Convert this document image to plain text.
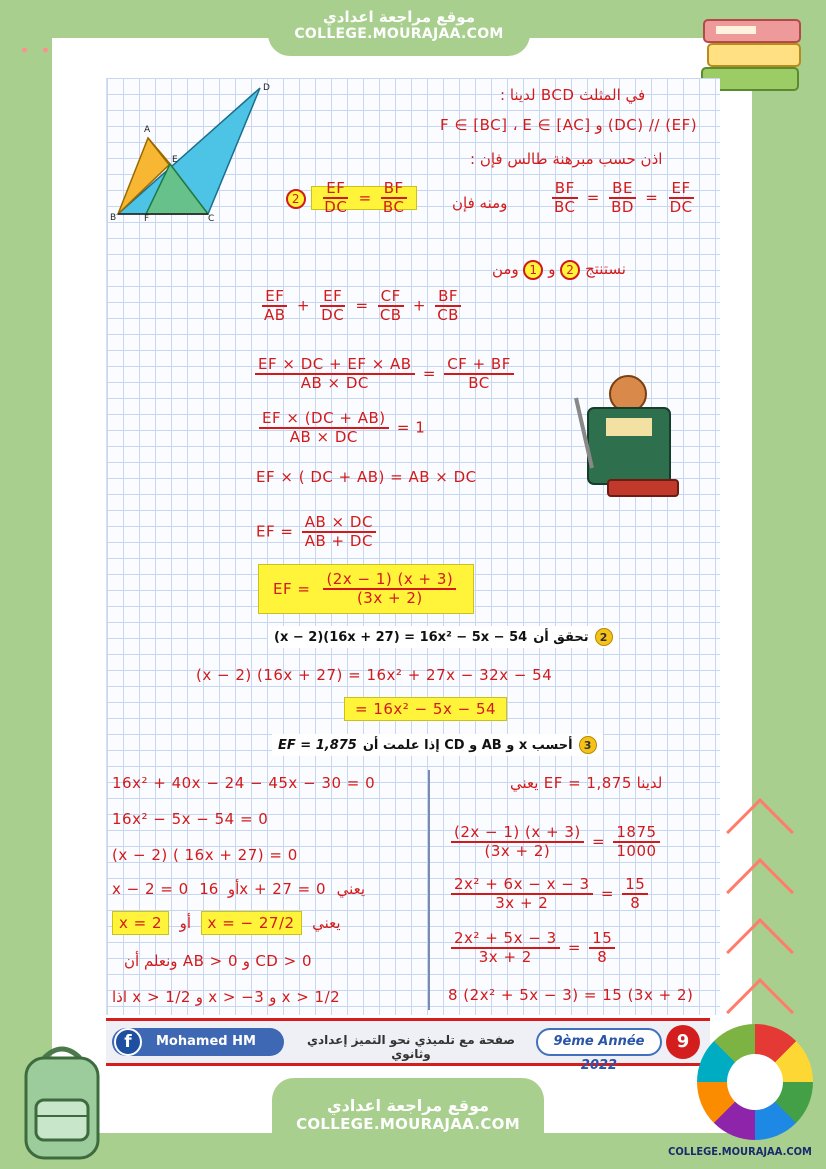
موقع مراجعة اعدادي
COLLEGE.MOURAJAA.COM
A
D
E
B	F	C
في المثلث BCD لدينا :
(EF) // (DC) و F ∈ [BC] ، E ∈ [AC]
اذن حسب مبرهنة طالس فإن :
$\frac{BF}{BC} = \frac{BE}{BD} = \frac{EF}{DC}$
ومنه فإن
$2 \frac{EF}{DC} = \frac{BF}{BC}$
نستنتج 2 و 1 ومن
$\frac{EF}{AB} + \frac{EF}{DC} = \frac{CF}{CB} + \frac{BF}{CB}$
$\frac{EF \times DC + EF \times AB}{AB \times DC} = \frac{CF + BF}{BC}$
$\frac{EF \times (DC + AB)}{AB \times DC} = 1$
EF × ( DC + AB) = AB × DC
EF = $\frac{AB \times DC}{AB + DC}$
EF = $\frac{(2x - 1) (x + 3)}{(3x + 2)}$
(x − 2)(16x + 27) = 16x² − 5x − 54 تحقق أن	2
(x − 2) (16x + 27) = 16x² + 27x − 32x − 54
= 16x² − 5x − 54
EF = 1,875 أحسب x و AB و CD إذا علمت أن	3
16x² + 40x − 24 − 45x − 30 = 0
16x² − 5x − 54 = 0
(x − 2) ( 16x + 27) = 0
x − 2 = 0	أو  16x + 27 = 0 يعني
x = 2 أو x = − 27/2 يعني
CD > 0 و AB > 0 ونعلم أن
x > 1/2 و x > −3 و x > 1/2 اذا
لدينا EF = 1,875 يعني
$\frac{(2x - 1) (x + 3)}{(3x + 2)} = \frac{1875}{1000}$
$\frac{\text{2x² + 6x − x − 3}}{3x + 2} = \frac{15}{8}$
$\frac{\text{2x² + 5x − 3}}{3x + 2} = \frac{15}{8}$
8 (2x² + 5x − 3) = 15 (3x + 2)
f	Mohamed HM	صفحة مع تلميذي نحو التميز إعدادي وثانوي
9ème Année 2022
9
موقع مراجعة اعدادي
COLLEGE.MOURAJAA.COM
COLLEGE.MOURAJAA.COM
